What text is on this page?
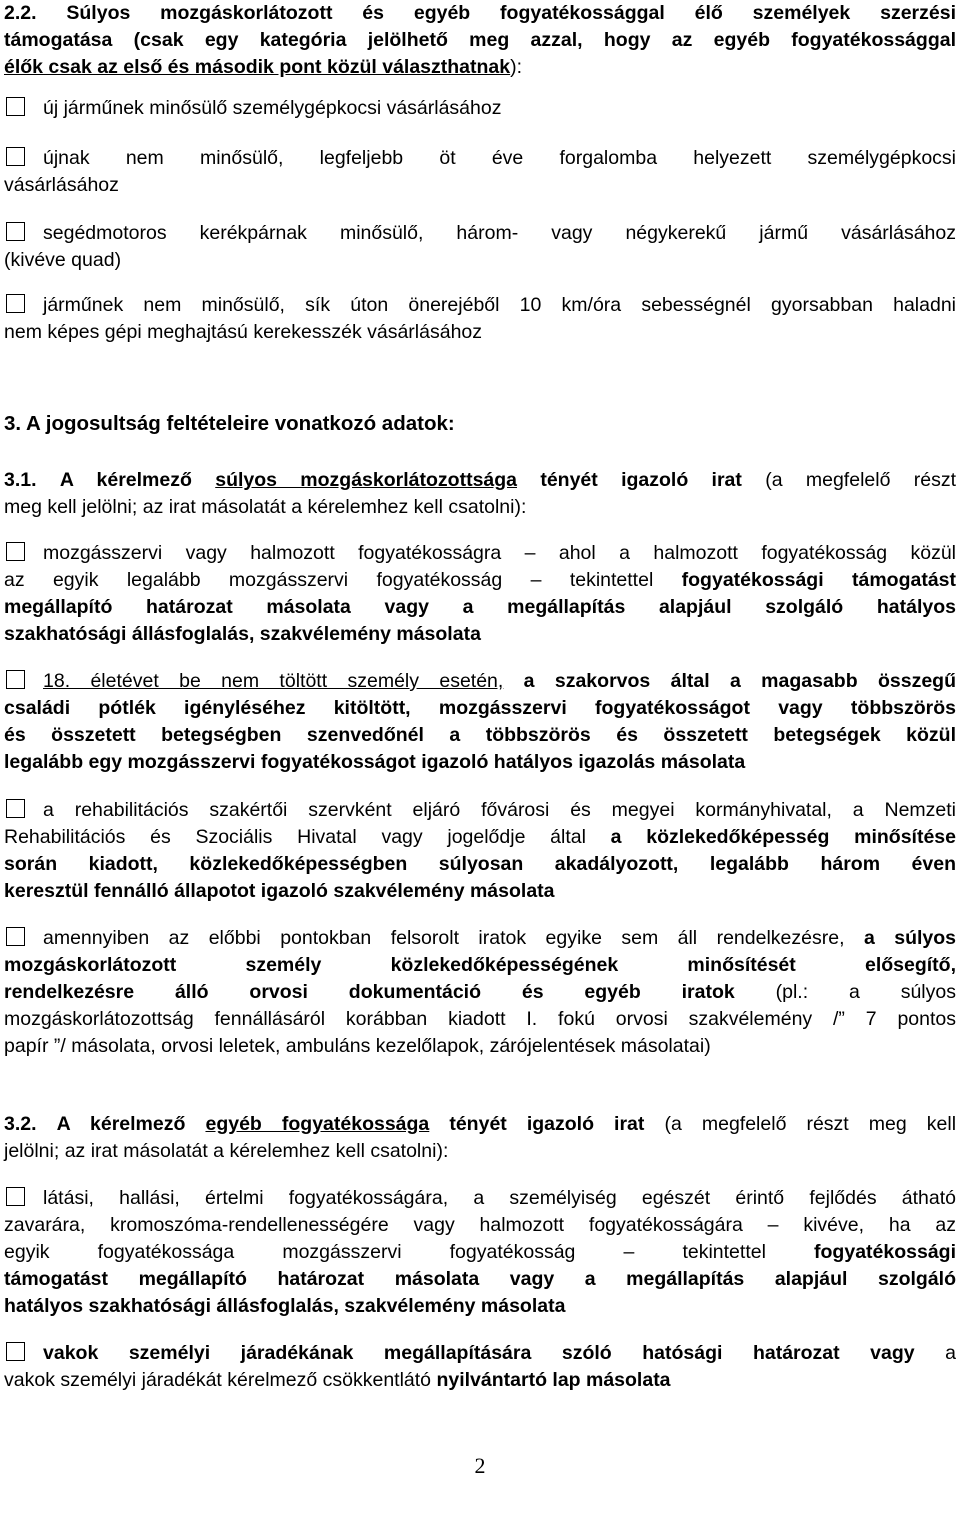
2.2. Súlyos mozgáskorlátozott és egyéb fogyatékossággal élő személyek szerzési
támogatása (csak egy kategória jelölhető meg azzal, hogy az egyéb fogyatékossággal
élők csak az első és második pont közül választhatnak):
új járműnek minősülő személygépkocsi vásárlásához
újnak nem minősülő, legfeljebb öt éve forgalomba helyezett személygépkocsi
vásárlásához
segédmotoros kerékpárnak minősülő, három- vagy négykerekű jármű vásárlásához
(kivéve quad)
járműnek nem minősülő, sík úton önerejéből 10 km/óra sebességnél gyorsabban haladni
nem képes gépi meghajtású kerekesszék vásárlásához
3. A jogosultság feltételeire vonatkozó adatok:
3.1. A kérelmező súlyos mozgáskorlátozottsága tényét igazoló irat (a megfelelő részt
meg kell jelölni; az irat másolatát a kérelemhez kell csatolni):
mozgásszervi vagy halmozott fogyatékosságra – ahol a halmozott fogyatékosság közül
az egyik legalább mozgásszervi fogyatékosság – tekintettel fogyatékossági támogatást
megállapító határozat másolata vagy a megállapítás alapjául szolgáló hatályos
szakhatósági állásfoglalás, szakvélemény másolata
18. életévet be nem töltött személy esetén, a szakorvos által a magasabb összegű
családi pótlék igényléséhez kitöltött, mozgásszervi fogyatékosságot vagy többszörös
és összetett betegségben szenvedőnél a többszörös és összetett betegségek közül
legalább egy mozgásszervi fogyatékosságot igazoló hatályos igazolás másolata
a rehabilitációs szakértői szervként eljáró fővárosi és megyei kormányhivatal, a Nemzeti
Rehabilitációs és Szociális Hivatal vagy jogelődje által a közlekedőképesség minősítése
során kiadott, közlekedőképességben súlyosan akadályozott, legalább három éven
keresztül fennálló állapotot igazoló szakvélemény másolata
amennyiben az előbbi pontokban felsorolt iratok egyike sem áll rendelkezésre, a súlyos
mozgáskorlátozott személy közlekedőképességének minősítését elősegítő,
rendelkezésre álló orvosi dokumentáció és egyéb iratok (pl.: a súlyos
mozgáskorlátozottság fennállásáról korábban kiadott I. fokú orvosi szakvélemény /” 7 pontos
papír ”/ másolata, orvosi leletek, ambuláns kezelőlapok, zárójelentések másolatai)
3.2. A kérelmező egyéb fogyatékossága tényét igazoló irat (a megfelelő részt meg kell
jelölni; az irat másolatát a kérelemhez kell csatolni):
látási, hallási, értelmi fogyatékosságára, a személyiség egészét érintő fejlődés átható
zavarára, kromoszóma-rendellenességére vagy halmozott fogyatékosságára – kivéve, ha az
egyik fogyatékossága mozgásszervi fogyatékosság – tekintettel fogyatékossági
támogatást megállapító határozat másolata vagy a megállapítás alapjául szolgáló
hatályos szakhatósági állásfoglalás, szakvélemény másolata
vakok személyi járadékának megállapítására szóló hatósági határozat vagy a
vakok személyi járadékát kérelmező csökkentlátó nyilvántartó lap másolata
2
